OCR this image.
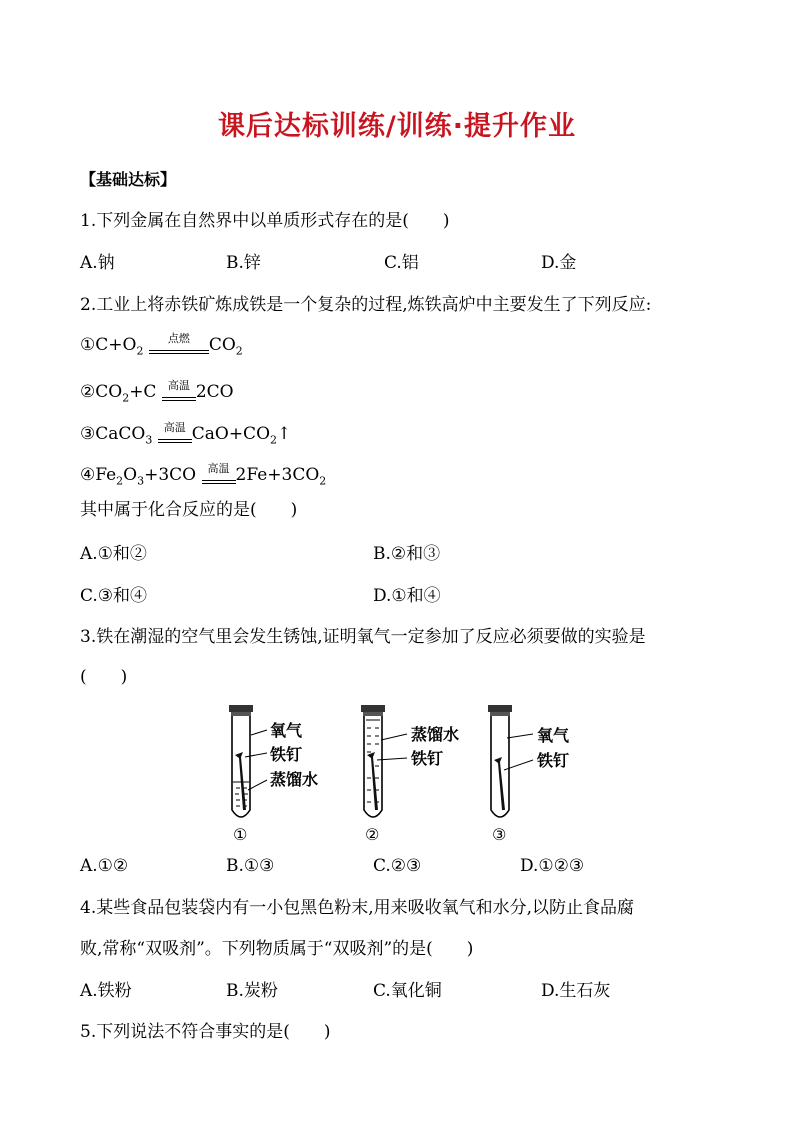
课后达标训练/训练·提升作业
【基础达标】
1.下列金属在自然界中以单质形式存在的是(　　)
A.钠	B.锌	C.铝	D.金
2.工业上将赤铁矿炼成铁是一个复杂的过程,炼铁高炉中主要发生了下列反应:
$①C+O_2$
点燃	$CO_2$
$②CO_2+C$	高温 2CO
③CaCO$_3$
高温 $CaO+CO_2↑$
$④Fe_2O_3+3CO$	高温 $2Fe+3CO_2$
其中属于化合反应的是(　　)
A.①和②	B.②和③
C.③和④	D.①和④
3.铁在潮湿的空气里会发生锈蚀,证明氧气一定参加了反应必须要做的实验是
(　　)
氧气
铁钉
蒸馏水
①
蒸馏水
铁钉
②
氧气
铁钉
③
A.①②	B.①③	C.②③	D.①②③
4.某些食品包装袋内有一小包黑色粉末,用来吸收氧气和水分,以防止食品腐
败,常称“双吸剂”。下列物质属于“双吸剂”的是(　　)
A.铁粉	B.炭粉	C.氧化铜	D.生石灰
5.下列说法不符合事实的是(　　)
